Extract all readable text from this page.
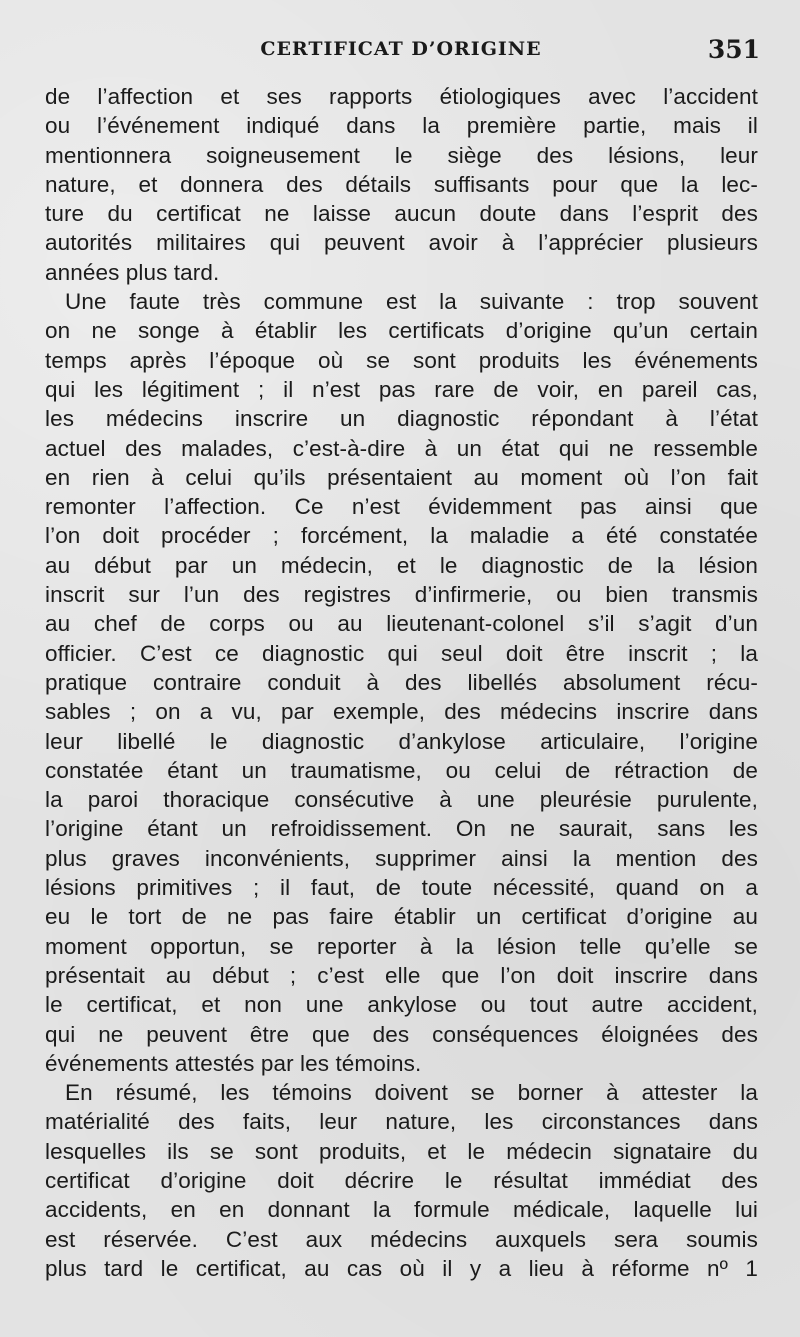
CERTIFICAT D’ORIGINE	351
de l’affection et ses rapports étiologiques avec l’accident
ou l’événement indiqué dans la première partie, mais il
mentionnera soigneusement le siège des lésions, leur
nature, et donnera des détails suffisants pour que la lec-
ture du certificat ne laisse aucun doute dans l’esprit des
autorités militaires qui peuvent avoir à l’apprécier plusieurs
années plus tard.
Une faute très commune est la suivante : trop souvent
on ne songe à établir les certificats d’origine qu’un certain
temps après l’époque où se sont produits les événements
qui les légitiment ; il n’est pas rare de voir, en pareil cas,
les médecins inscrire un diagnostic répondant à l’état
actuel des malades, c’est-à-dire à un état qui ne ressemble
en rien à celui qu’ils présentaient au moment où l’on fait
remonter l’affection. Ce n’est évidemment pas ainsi que
l’on doit procéder ; forcément, la maladie a été constatée
au début par un médecin, et le diagnostic de la lésion
inscrit sur l’un des registres d’infirmerie, ou bien transmis
au chef de corps ou au lieutenant-colonel s’il s’agit d’un
officier. C’est ce diagnostic qui seul doit être inscrit ; la
pratique contraire conduit à des libellés absolument récu-
sables ; on a vu, par exemple, des médecins inscrire dans
leur libellé le diagnostic d’ankylose articulaire, l’origine
constatée étant un traumatisme, ou celui de rétraction de
la paroi thoracique consécutive à une pleurésie purulente,
l’origine étant un refroidissement. On ne saurait, sans les
plus graves inconvénients, supprimer ainsi la mention des
lésions primitives ; il faut, de toute nécessité, quand on a
eu le tort de ne pas faire établir un certificat d’origine au
moment opportun, se reporter à la lésion telle qu’elle se
présentait au début ; c’est elle que l’on doit inscrire dans
le certificat, et non une ankylose ou tout autre accident,
qui ne peuvent être que des conséquences éloignées des
événements attestés par les témoins.
En résumé, les témoins doivent se borner à attester la
matérialité des faits, leur nature, les circonstances dans
lesquelles ils se sont produits, et le médecin signataire du
certificat d’origine doit décrire le résultat immédiat des
accidents, en en donnant la formule médicale, laquelle lui
est réservée. C’est aux médecins auxquels sera soumis
plus tard le certificat, au cas où il y a lieu à réforme nº 1
